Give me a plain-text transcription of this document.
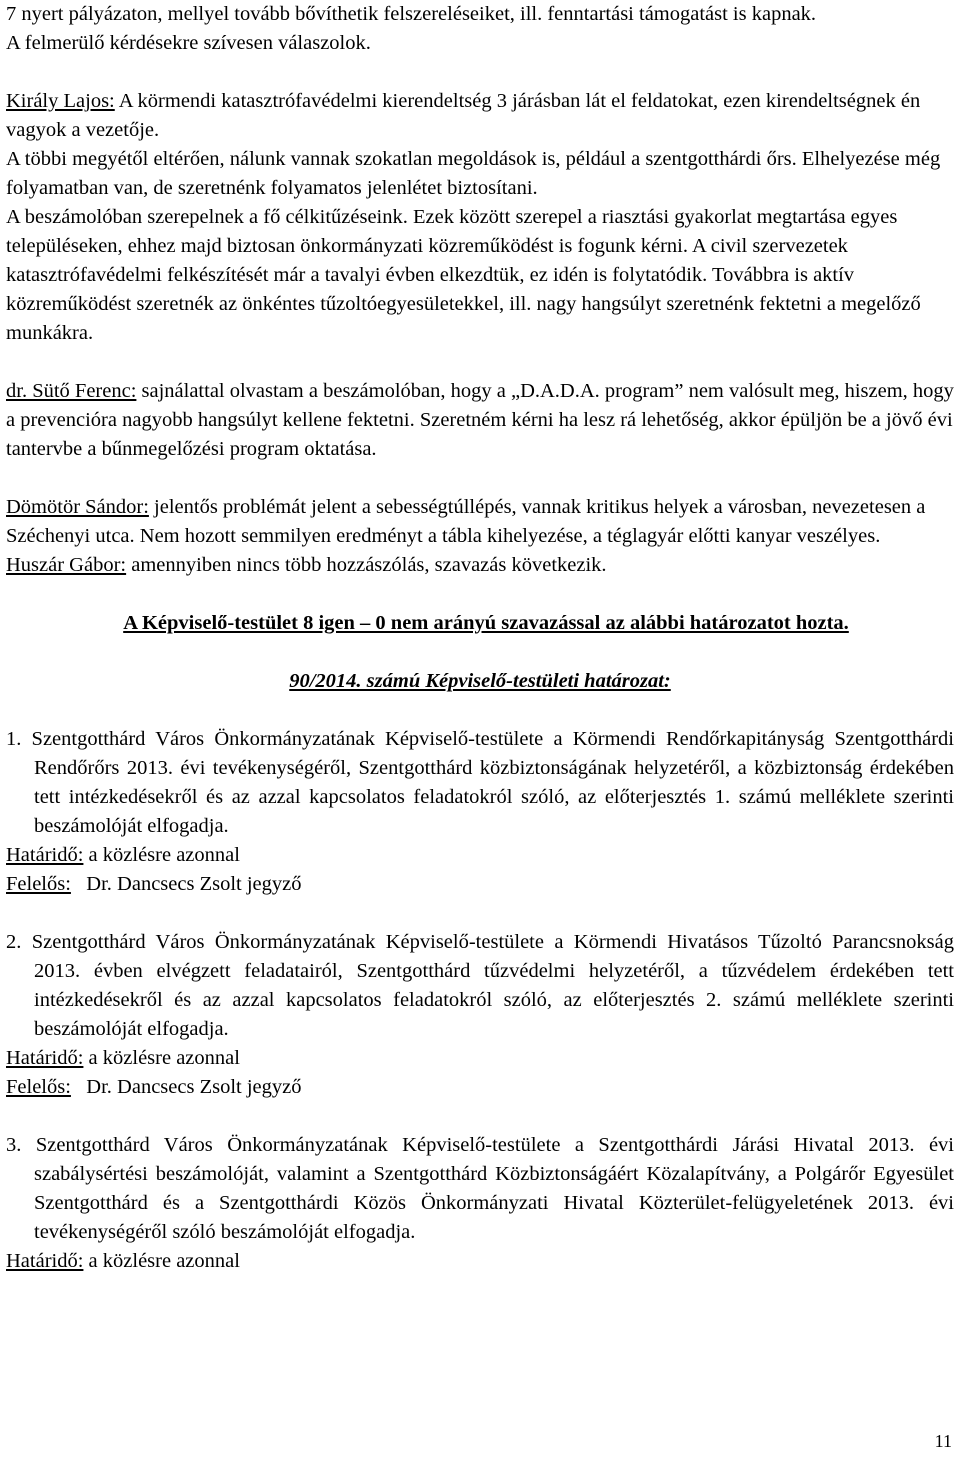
7 nyert pályázaton, mellyel tovább bővíthetik felszereléseiket, ill. fenntartási támogatást is kapnak.

A felmerülő kérdésekre szívesen válaszolok.

Király Lajos: A körmendi katasztrófavédelmi kierendeltség 3 járásban lát el feldatokat, ezen kirendeltségnek én vagyok a vezetője.

A többi megyétől eltérően, nálunk vannak szokatlan megoldások is, például a szentgotthárdi őrs. Elhelyezése még folyamatban van, de szeretnénk folyamatos jelenlétet biztosítani.

A beszámolóban szerepelnek a fő célkitűzéseink. Ezek között szerepel a riasztási gyakorlat megtartása egyes településeken, ehhez majd biztosan önkormányzati közreműködést is fogunk kérni. A civil szervezetek katasztrófavédelmi felkészítését már a tavalyi évben elkezdtük, ez idén is folytatódik. Továbbra is aktív közreműködést szeretnék az önkéntes tűzoltóegyesületekkel, ill. nagy hangsúlyt szeretnénk fektetni a megelőző munkákra.

dr. Sütő Ferenc: sajnálattal olvastam a beszámolóban, hogy a „D.A.D.A. program” nem valósult meg, hiszem, hogy a prevencióra nagyobb hangsúlyt kellene fektetni. Szeretném kérni ha lesz rá lehetőség, akkor épüljön be a jövő évi tantervbe a bűnmegelőzési program oktatása.

Dömötör Sándor: jelentős problémát jelent a sebességtúllépés, vannak kritikus helyek a városban, nevezetesen a Széchenyi utca. Nem hozott semmilyen eredményt a tábla kihelyezése, a téglagyár előtti kanyar veszélyes.

Huszár Gábor: amennyiben nincs több hozzászólás, szavazás következik.

A Képviselő-testület 8 igen – 0 nem arányú szavazással az alábbi határozatot hozta.

90/2014. számú Képviselő-testületi határozat:

1. Szentgotthárd Város Önkormányzatának Képviselő-testülete a Körmendi Rendőrkapitányság Szentgotthárdi Rendőrőrs 2013. évi tevékenységéről, Szentgotthárd közbiztonságának helyzetéről, a közbiztonság érdekében tett intézkedésekről és az azzal kapcsolatos feladatokról szóló, az előterjesztés 1. számú melléklete szerinti beszámolóját elfogadja.

Határidő: a közlésre azonnal

Felelős:   Dr. Dancsecs Zsolt jegyző

2. Szentgotthárd Város Önkormányzatának Képviselő-testülete a Körmendi Hivatásos Tűzoltó Parancsnokság 2013. évben elvégzett feladatairól, Szentgotthárd tűzvédelmi helyzetéről, a tűzvédelem érdekében tett intézkedésekről és az azzal kapcsolatos feladatokról szóló, az előterjesztés 2. számú melléklete szerinti beszámolóját elfogadja.

Határidő: a közlésre azonnal

Felelős:   Dr. Dancsecs Zsolt jegyző

3. Szentgotthárd Város Önkormányzatának Képviselő-testülete a Szentgotthárdi Járási Hivatal 2013. évi szabálysértési beszámolóját, valamint a Szentgotthárd Közbiztonságáért Közalapítvány, a Polgárőr Egyesület Szentgotthárd és a Szentgotthárdi Közös Önkormányzati Hivatal Közterület-felügyeletének 2013. évi tevékenységéről szóló beszámolóját elfogadja.

Határidő: a közlésre azonnal

11
